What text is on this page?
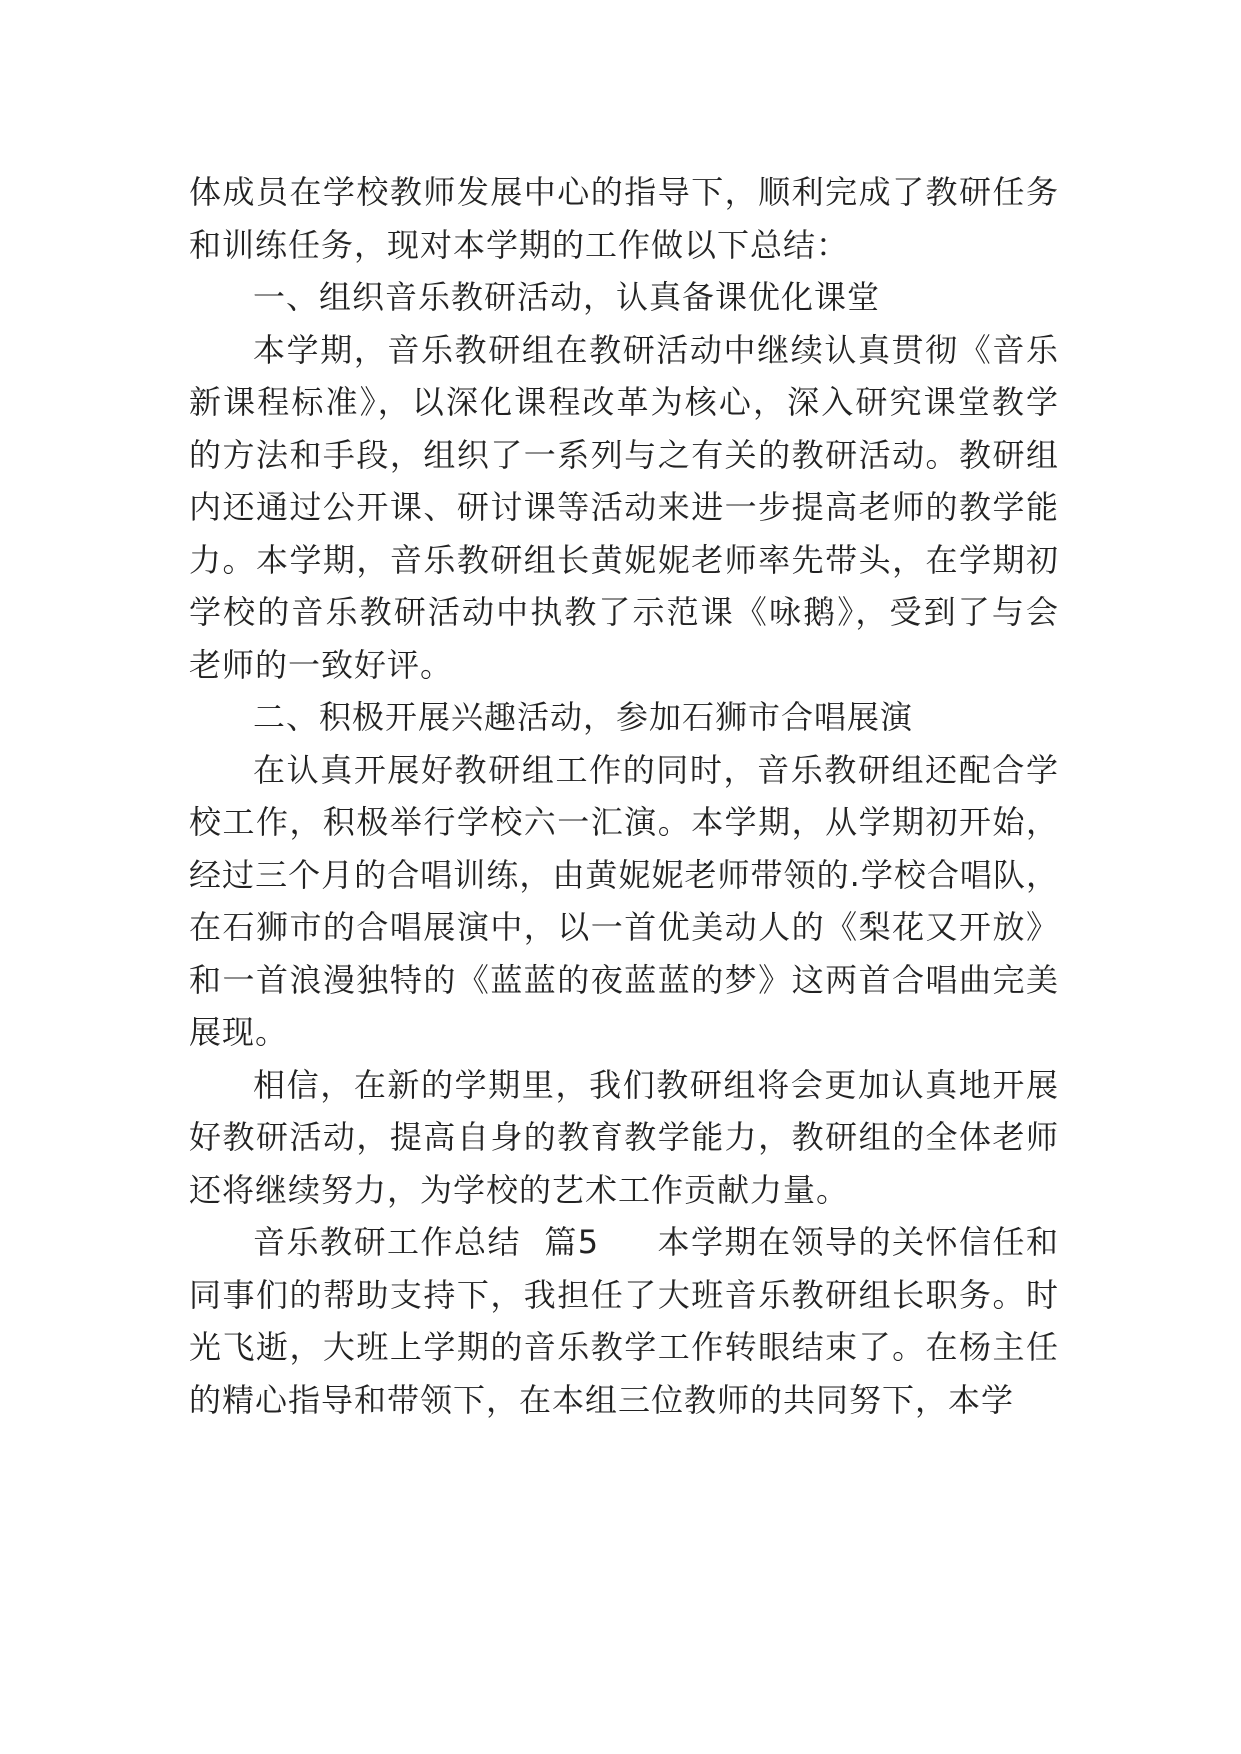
体成员在学校教师发展中心的指导下，顺利完成了教研任务和训练任务，现对本学期的工作做以下总结：

一、组织音乐教研活动，认真备课优化课堂

本学期，音乐教研组在教研活动中继续认真贯彻《音乐新课程标准》，以深化课程改革为核心，深入研究课堂教学的方法和手段，组织了一系列与之有关的教研活动。教研组内还通过公开课、研讨课等活动来进一步提高老师的教学能力。本学期，音乐教研组长黄妮妮老师率先带头，在学期初学校的音乐教研活动中执教了示范课《咏鹅》，受到了与会老师的一致好评。

二、积极开展兴趣活动，参加石狮市合唱展演

在认真开展好教研组工作的同时，音乐教研组还配合学校工作，积极举行学校六一汇演。本学期，从学期初开始，经过三个月的合唱训练，由黄妮妮老师带领的.学校合唱队，在石狮市的合唱展演中，以一首优美动人的《梨花又开放》和一首浪漫独特的《蓝蓝的夜蓝蓝的梦》这两首合唱曲完美展现。

相信，在新的学期里，我们教研组将会更加认真地开展好教研活动，提高自身的教育教学能力，教研组的全体老师还将继续努力，为学校的艺术工作贡献力量。

音乐教研工作总结  篇5     本学期在领导的关怀信任和同事们的帮助支持下，我担任了大班音乐教研组长职务。时光飞逝，大班上学期的音乐教学工作转眼结束了。在杨主任的精心指导和带领下，在本组三位教师的共同努下，本学
